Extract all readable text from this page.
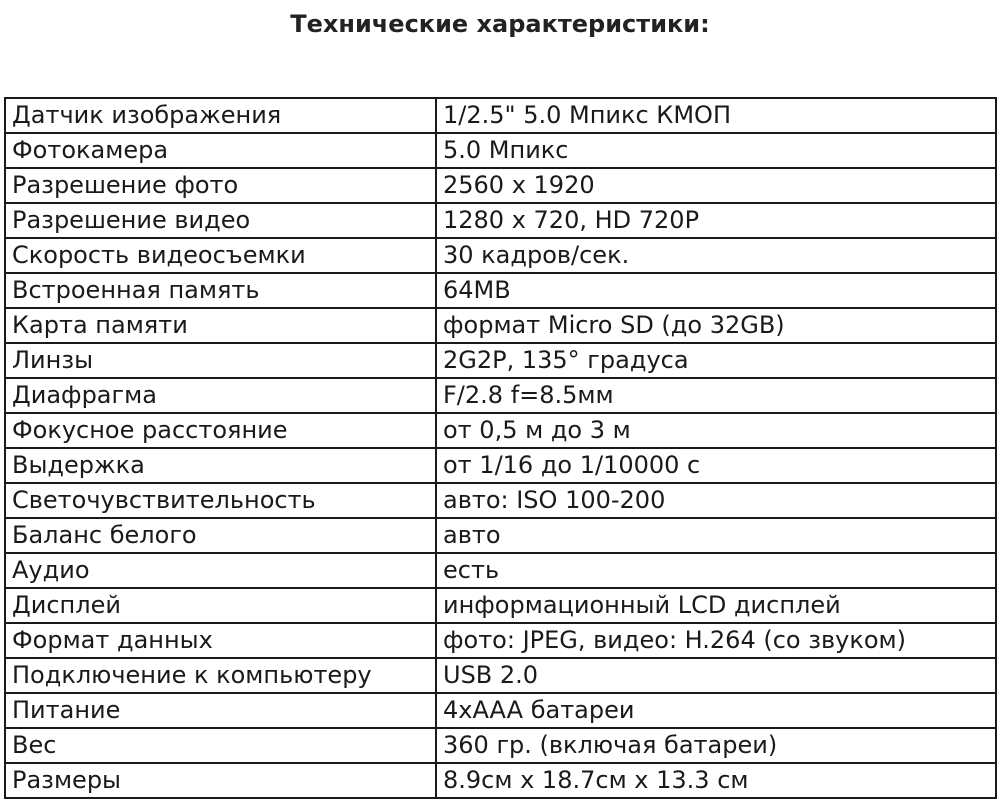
Технические характеристики:
Датчик изображения	1/2.5" 5.0 Мпикс КМОП
Фотокамера	5.0 Мпикс
Разрешение фото	2560 x 1920
Разрешение видео	1280 x 720, HD 720P
Скорость видеосъемки	30 кадров/сек.
Встроенная память	64MB
Карта памяти	формат Micro SD (до 32GB)
Линзы	2G2P, 135° градуса
Диафрагма	F/2.8 f=8.5мм
Фокусное расстояние	от 0,5 м до 3 м
Выдержка	от 1/16 до 1/10000 с
Светочувствительность	авто: ISO 100-200
Баланс белого	авто
Аудио	есть
Дисплей	информационный LCD дисплей
Формат данных	фото: JPEG, видео: H.264 (со звуком)
Подключение к компьютеру	USB 2.0
Питание	4xAAA батареи
Вес	360 гр. (включая батареи)
Размеры	8.9см x 18.7см x 13.3 см
